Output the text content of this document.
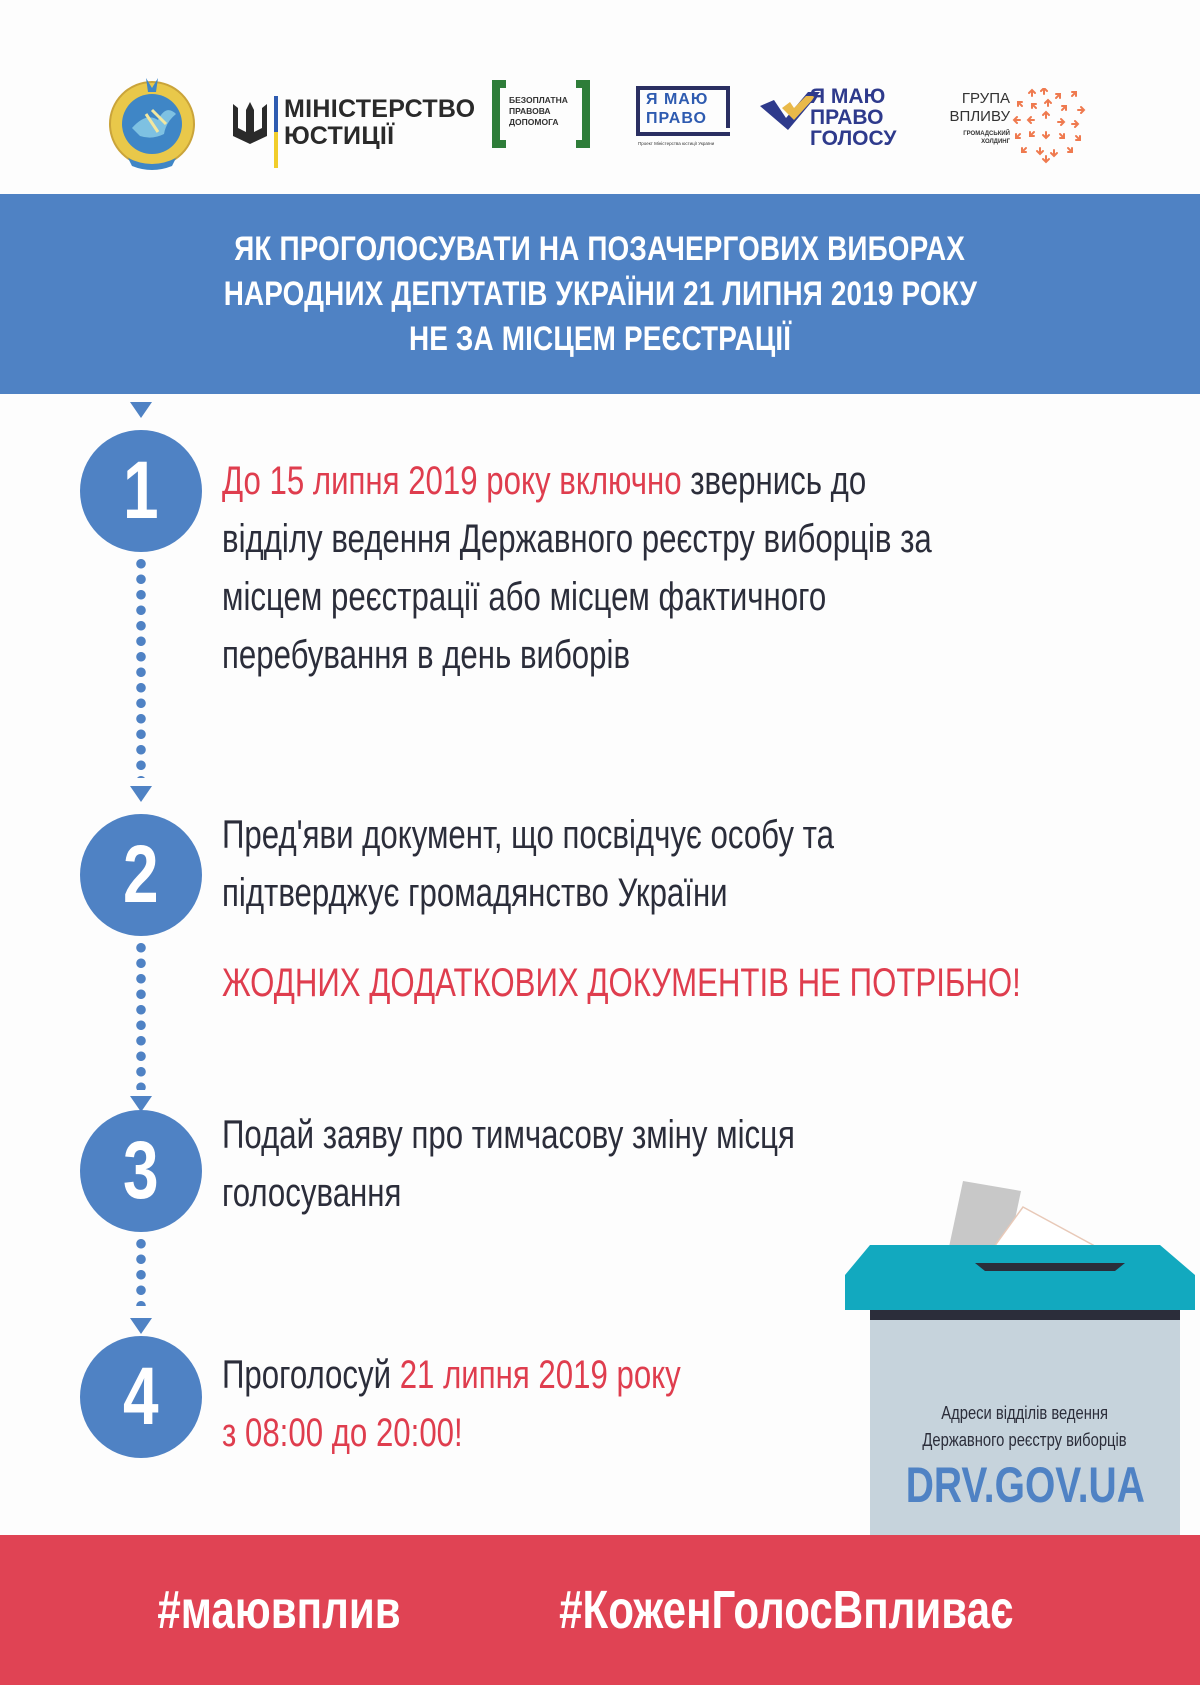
МІНІСТЕРСТВО
ЮСТИЦІЇ
БЕЗОПЛАТНА
ПРАВОВА
ДОПОМОГА
Я МАЮ
ПРАВО
Проект Міністерства юстиції України
Я МАЮ
ПРАВО
ГОЛОСУ
ГРУПА
ВПЛИВУ
ГРОМАДСЬКИЙ
ХОЛДИНГ
ЯК ПРОГОЛОСУВАТИ НА ПОЗАЧЕРГОВИХ ВИБОРАХ
НАРОДНИХ ДЕПУТАТІВ УКРАЇНИ 21 ЛИПНЯ 2019 РОКУ
НЕ ЗА МІСЦЕМ РЕЄСТРАЦІЇ
1
2
3
4
До 15 липня 2019 року включно звернись до
відділу ведення Державного реєстру виборців за
місцем реєстрації або місцем фактичного
перебування в день виборів
Пред'яви документ, що посвідчує особу та
підтверджує громадянство України
ЖОДНИХ ДОДАТКОВИХ ДОКУМЕНТІВ НЕ ПОТРІБНО!
Подай заяву про тимчасову зміну місця
голосування
Проголосуй 21 липня 2019 року
з 08:00 до 20:00!	Адреси відділів ведення
Державного реєстру виборців
DRV.GOV.UA
#маювплив	#КоженГолосВпливає
